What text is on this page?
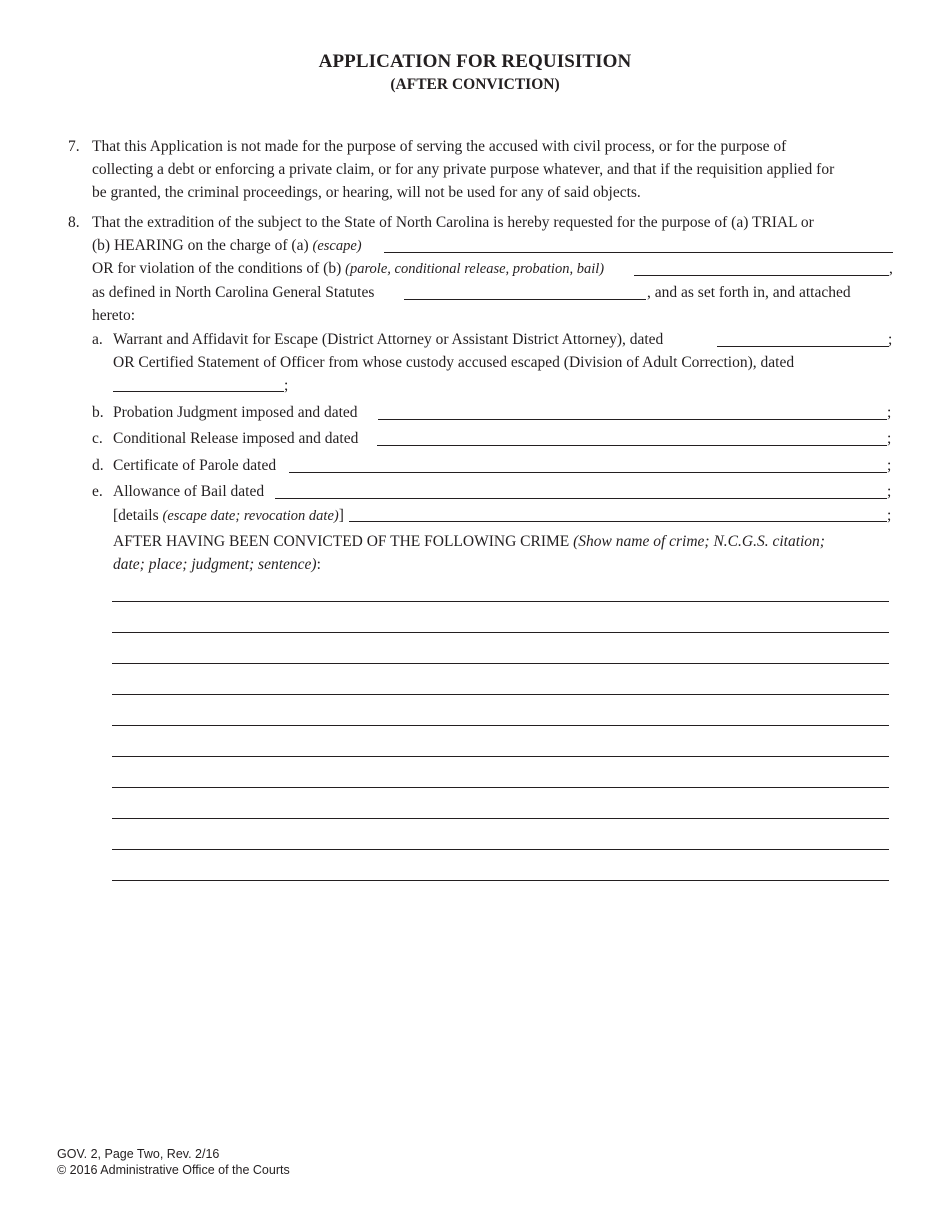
APPLICATION FOR REQUISITION
(AFTER CONVICTION)
7. That this Application is not made for the purpose of serving the accused with civil process, or for the purpose of
collecting a debt or enforcing a private claim, or for any private purpose whatever, and that if the requisition applied for
be granted, the criminal proceedings, or hearing, will not be used for any of said objects.
8. That the extradition of the subject to the State of North Carolina is hereby requested for the purpose of (a) TRIAL or
(b) HEARING on the charge of (a) (escape)
OR for violation of the conditions of (b) (parole, conditional release, probation, bail)	,
as defined in North Carolina General Statutes	, and as set forth in, and attached
hereto:
a. Warrant and Affidavit for Escape (District Attorney or Assistant District Attorney), dated	;
OR Certified Statement of Officer from whose custody accused escaped (Division of Adult Correction), dated
;
b. Probation Judgment imposed and dated	;
c. Conditional Release imposed and dated	;
d. Certificate of Parole dated	;
e. Allowance of Bail dated	;
[details (escape date; revocation date)]	;
AFTER HAVING BEEN CONVICTED OF THE FOLLOWING CRIME (Show name of crime; N.C.G.S. citation;
date; place; judgment; sentence):
GOV. 2, Page Two, Rev. 2/16
© 2016 Administrative Office of the Courts
